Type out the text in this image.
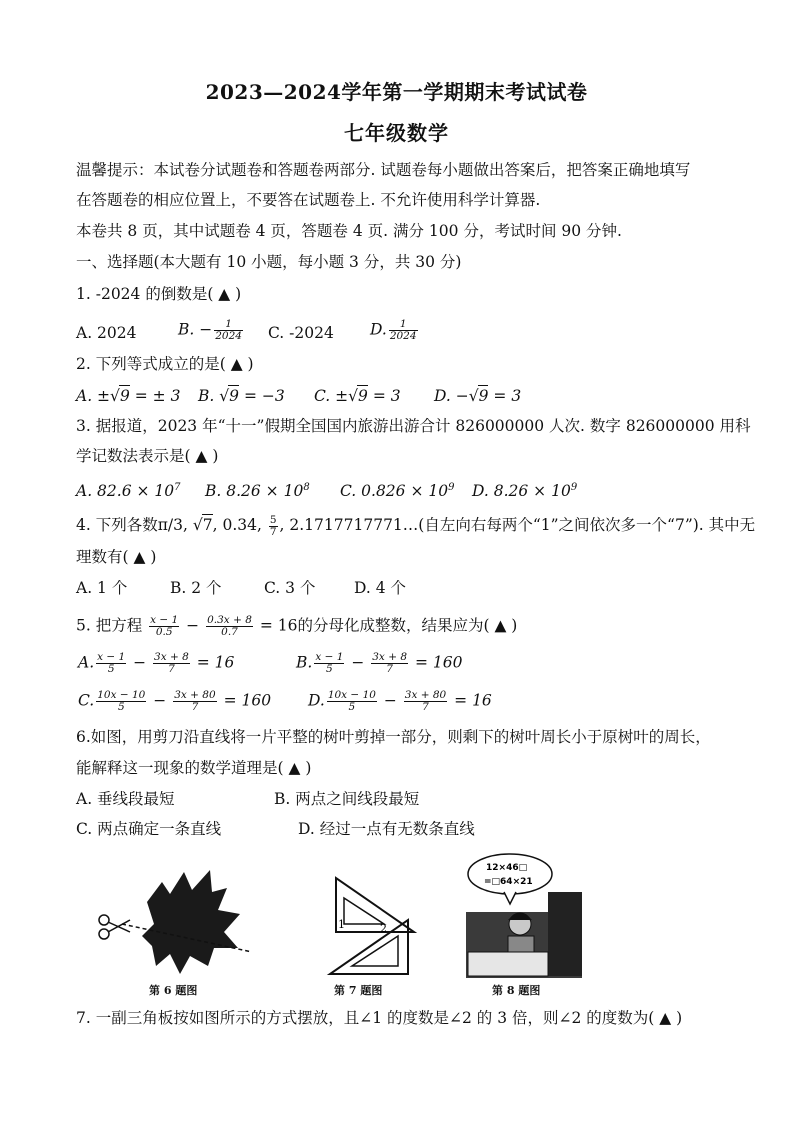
2023—2024学年第一学期期末考试试卷
七年级数学
温馨提示：本试卷分试题卷和答题卷两部分. 试题卷每小题做出答案后，把答案正确地填写
在答题卷的相应位置上，不要答在试题卷上. 不允许使用科学计算器.
本卷共 8 页，其中试题卷 4 页，答题卷 4 页. 满分 100 分，考试时间 90 分钟.
一、选择题(本大题有 10 小题，每小题 3 分，共 30 分)
1. -2024 的倒数是( ▲ )
A. 2024	B. − $\frac{1}{2024} C$. -2024 D. $\frac{1}{2024}$
2. 下列等式成立的是( ▲ )
A. ±√9 = ± 3 B. √9 = −3 C. ±√9 = 3 D. −√9 = 3
3. 据报道，2023 年“十一”假期全国国内旅游出游合计 826000000 人次. 数字 826000000 用科
学记数法表示是( ▲ )
A. $82.6 \times 10^7$ B. $8.26 \times 10^8$ C. $0.826 \times 10^9$ D. $8.26 \times 10^9$
4. 下列各数π/3, √7, 0.34, $\frac{5}{7}$ , 2.1717717771…(自左向右每两个“1”之间依次多一个“7”). 其中无
理数有( ▲ )
A. 1 个	B. 2 个	C. 3 个 D. 4 个
5. 把方程 $\frac{x - 1}{0.5} - \frac{0.3x + 8}{0.7} = 16$的分母化成整数，结果应为( ▲ )
A. $\frac{x - 1}{5} - \frac{3x + 8}{7} = 16$	B. $\frac{x - 1}{5} - \frac{3x + 8}{7} = 160$
C. $\frac{10x - 10}{5} - \frac{3x + 80}{7} = 160$ D. $\frac{10x - 10}{5} - \frac{3x + 80}{7} = 16$
6.如图，用剪刀沿直线将一片平整的树叶剪掉一部分，则剩下的树叶周长小于原树叶的周长，
能解释这一现象的数学道理是( ▲ )
A. 垂线段最短	B. 两点之间线段最短
C. 两点确定一条直线	D. 经过一点有无数条直线
第 6 题图
1	2
第 7 题图
12×46□
=□64×21
第 8 题图
7. 一副三角板按如图所示的方式摆放，且∠1 的度数是∠2 的 3 倍，则∠2 的度数为( ▲ )
